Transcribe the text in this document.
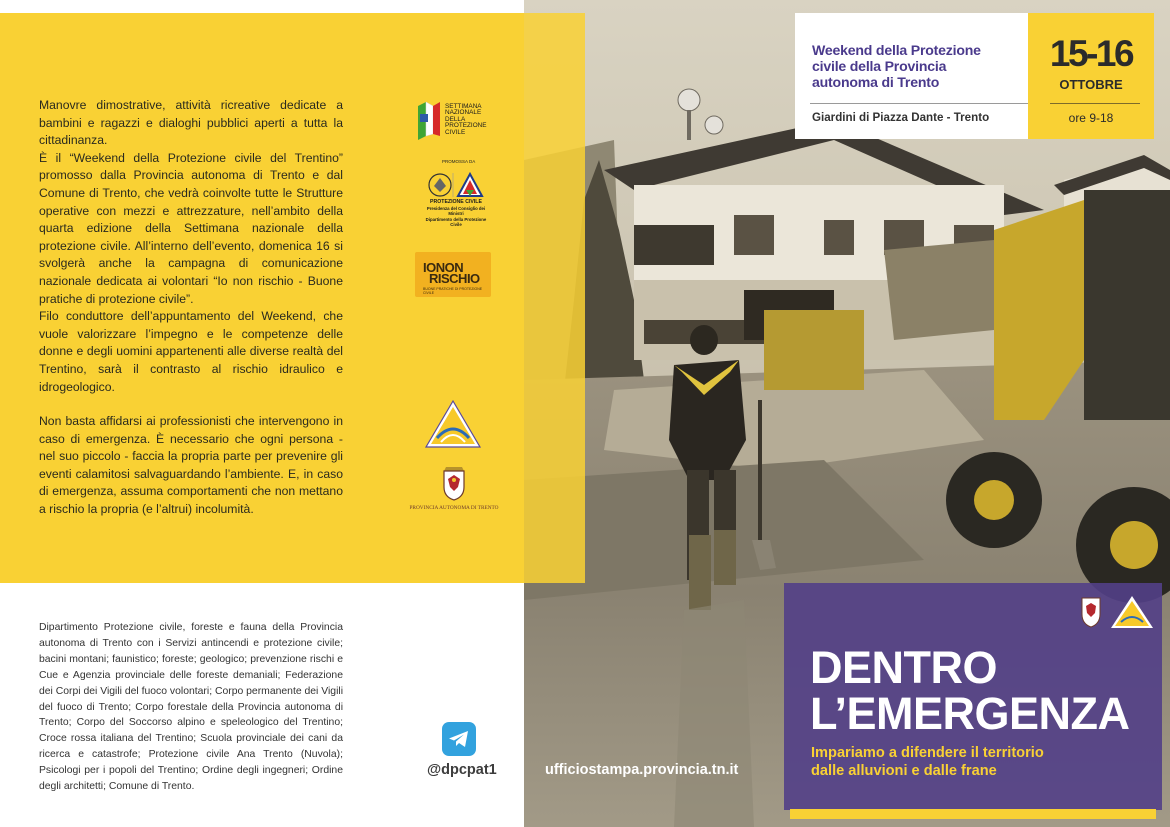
Manovre dimostrative, attività ricreative dedicate a bambini e ragazzi e dialoghi pubblici aperti a tutta la cittadinanza.

È il “Weekend della Protezione civile del Trentino” promosso dalla Provincia autonoma di Trento e dal Comune di Trento, che vedrà coinvolte tutte le Strutture operative con mezzi e attrezzature, nell’ambito della quarta edizione della Settimana nazionale della protezione civile. All’interno dell’evento, domenica 16 si svolgerà anche la campagna di comunicazione nazionale dedicata ai volontari “Io non rischio - Buone pratiche di protezione civile”.

Filo conduttore dell’appuntamento del Weekend, che vuole valorizzare l’impegno e le competenze delle donne e degli uomini appartenenti alle diverse realtà del Trentino, sarà il contrasto al rischio idraulico e idrogeologico.

Non basta affidarsi ai professionisti che intervengono in caso di emergenza. È necessario che ogni persona - nel suo piccolo - faccia la propria parte per prevenire gli eventi calamitosi salvaguardando l’ambiente. E, in caso di emergenza, assuma comportamenti che non mettano a rischio la propria (e l’altrui) incolumità.

Dipartimento Protezione civile, foreste e fauna della Provincia autonoma di Trento con i Servizi antincendi e protezione civile; bacini montani; faunistico; foreste; geologico; prevenzione rischi e Cue e Agenzia provinciale delle foreste demaniali; Federazione dei Corpi dei Vigili del fuoco volontari; Corpo permanente dei Vigili del fuoco di Trento; Corpo forestale della Provincia autonoma di Trento; Corpo del Soccorso alpino e speleologico del Trentino; Croce rossa italiana del Trentino; Scuola provinciale dei cani da ricerca e catastrofe; Protezione civile Ana Trento (Nuvola); Psicologi per i popoli del Trentino; Ordine degli ingegneri; Ordine degli architetti; Comune di Trento.
SETTIMANA
NAZIONALE
DELLA
PROTEZIONE
CIVILE
PROMOSSA DA
PROTEZIONE CIVILE
Presidenza del Consiglio dei Ministri
Dipartimento della Protezione Civile
IONON
RISCHIO
BUONE PRATICHE DI PROTEZIONE CIVILE
PROVINCIA AUTONOMA DI TRENTO
@dpcpat1
Weekend della Protezione
civile della Provincia
autonoma di Trento
Giardini di Piazza Dante - Trento
15-16
OTTOBRE
ore 9-18
DENTRO
L’EMERGENZA
Impariamo a difendere il territorio
dalle alluvioni e dalle frane
ufficiostampa.provincia.tn.it
